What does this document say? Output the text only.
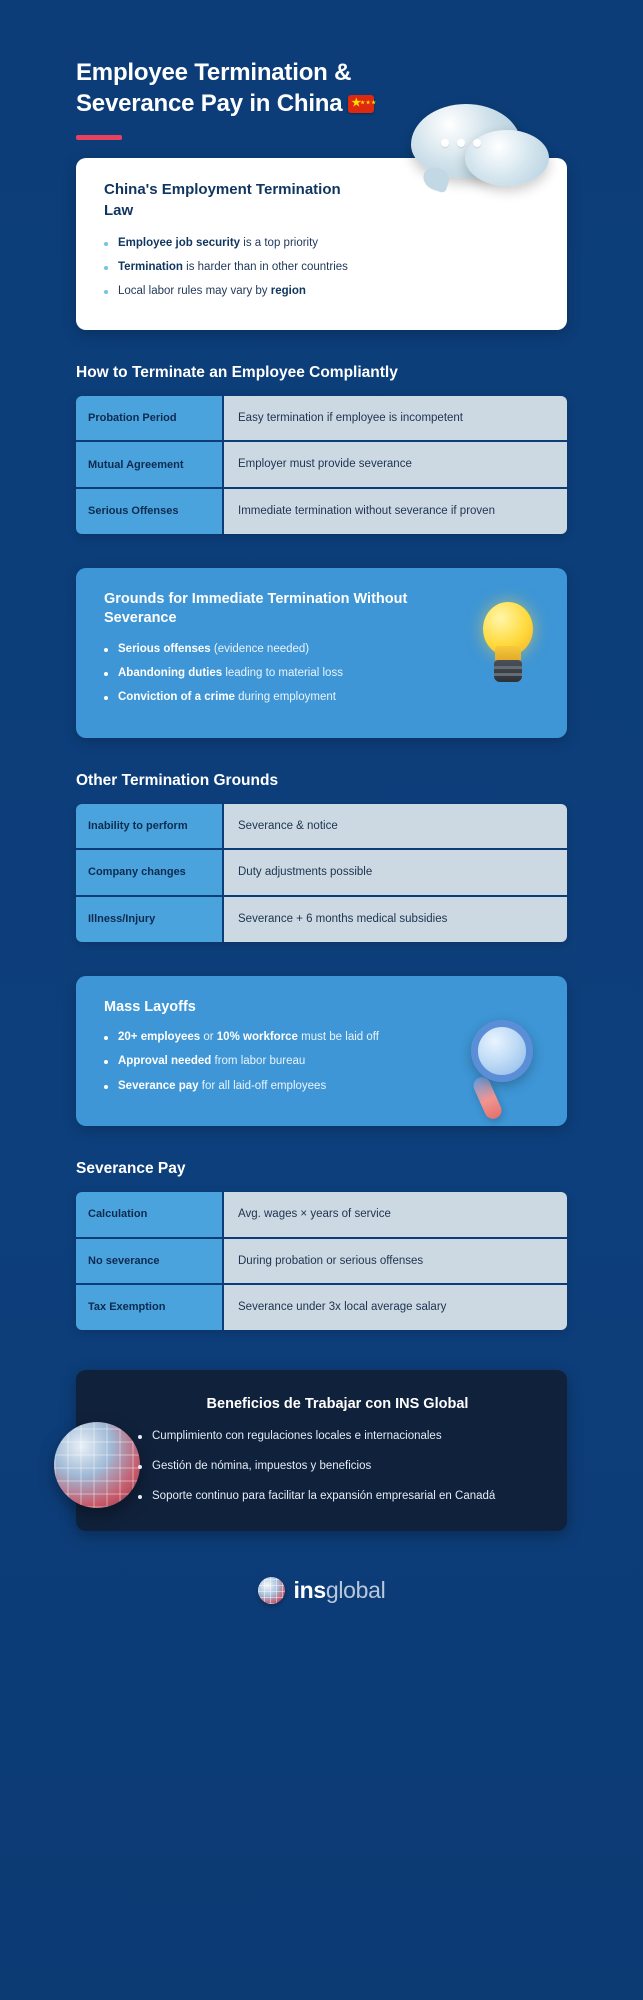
Employee Termination &
Severance Pay in China★ ★★★
China's Employment Termination Law
Employee job security is a top priority
Termination is harder than in other countries
Local labor rules may vary by region
How to Terminate an Employee Compliantly
Probation Period	Easy termination if employee is incompetent
Mutual Agreement	Employer must provide severance
Serious Offenses	Immediate termination without severance if proven
Grounds for Immediate Termination Without Severance
Serious offenses (evidence needed)
Abandoning duties leading to material loss
Conviction of a crime during employment
Other Termination Grounds
Inability to perform	Severance & notice
Company changes	Duty adjustments possible
Illness/Injury	Severance + 6 months medical subsidies
Mass Layoffs
20+ employees or 10% workforce must be laid off
Approval needed from labor bureau
Severance pay for all laid-off employees
Severance Pay
Calculation	Avg. wages × years of service
No severance	During probation or serious offenses
Tax Exemption	Severance under 3x local average salary
Beneficios de Trabajar con INS Global
Cumplimiento con regulaciones locales e internacionales
Gestión de nómina, impuestos y beneficios
Soporte continuo para facilitar la expansión empresarial en Canadá
insglobal
